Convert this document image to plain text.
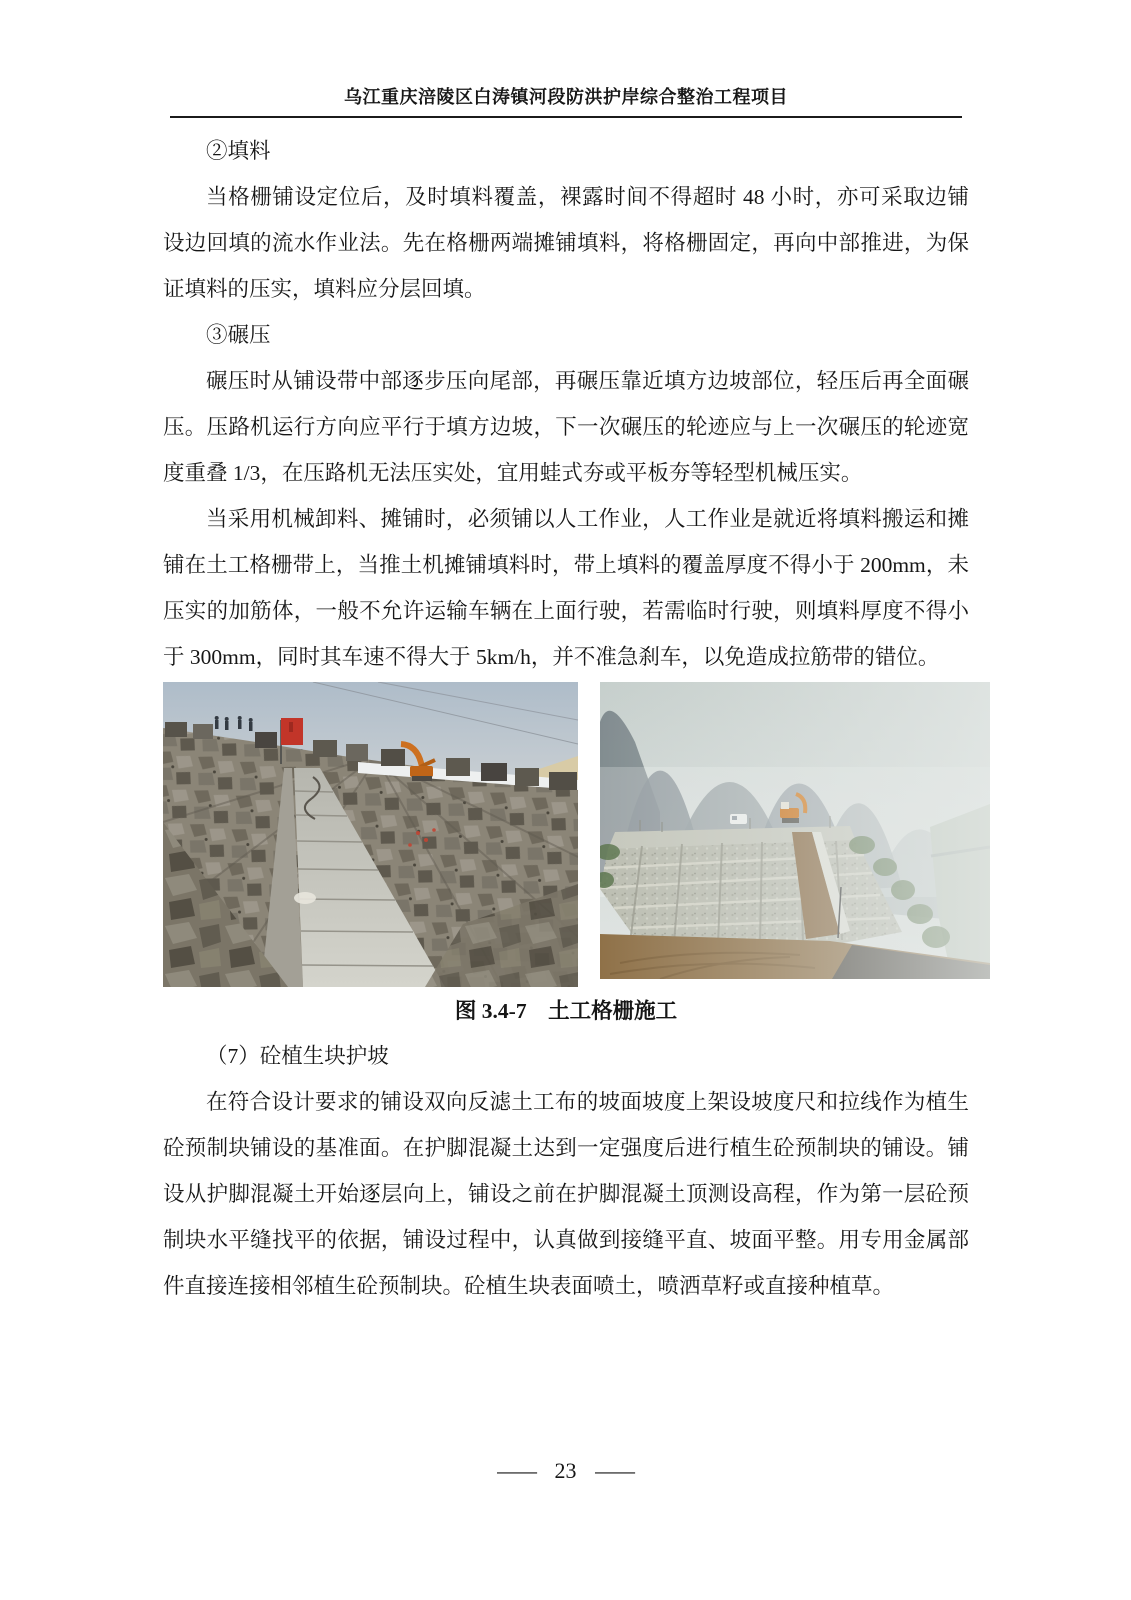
乌江重庆涪陵区白涛镇河段防洪护岸综合整治工程项目

②填料

当格栅铺设定位后，及时填料覆盖，裸露时间不得超时 48 小时，亦可采取边铺设边回填的流水作业法。先在格栅两端摊铺填料，将格栅固定，再向中部推进，为保证填料的压实，填料应分层回填。

③碾压

碾压时从铺设带中部逐步压向尾部，再碾压靠近填方边坡部位，轻压后再全面碾压。压路机运行方向应平行于填方边坡，下一次碾压的轮迹应与上一次碾压的轮迹宽度重叠 1/3，在压路机无法压实处，宜用蛙式夯或平板夯等轻型机械压实。

当采用机械卸料、摊铺时，必须铺以人工作业，人工作业是就近将填料搬运和摊铺在土工格栅带上，当推土机摊铺填料时，带上填料的覆盖厚度不得小于 200mm，未压实的加筋体，一般不允许运输车辆在上面行驶，若需临时行驶，则填料厚度不得小于 300mm，同时其车速不得大于 5km/h，并不准急刹车，以免造成拉筋带的错位。

图 3.4-7　土工格栅施工

（7）砼植生块护坡

在符合设计要求的铺设双向反滤土工布的坡面坡度上架设坡度尺和拉线作为植生砼预制块铺设的基准面。在护脚混凝土达到一定强度后进行植生砼预制块的铺设。铺设从护脚混凝土开始逐层向上，铺设之前在护脚混凝土顶测设高程，作为第一层砼预制块水平缝找平的依据，铺设过程中，认真做到接缝平直、坡面平整。用专用金属部件直接连接相邻植生砼预制块。砼植生块表面喷土，喷洒草籽或直接种植草。

— 23 —
